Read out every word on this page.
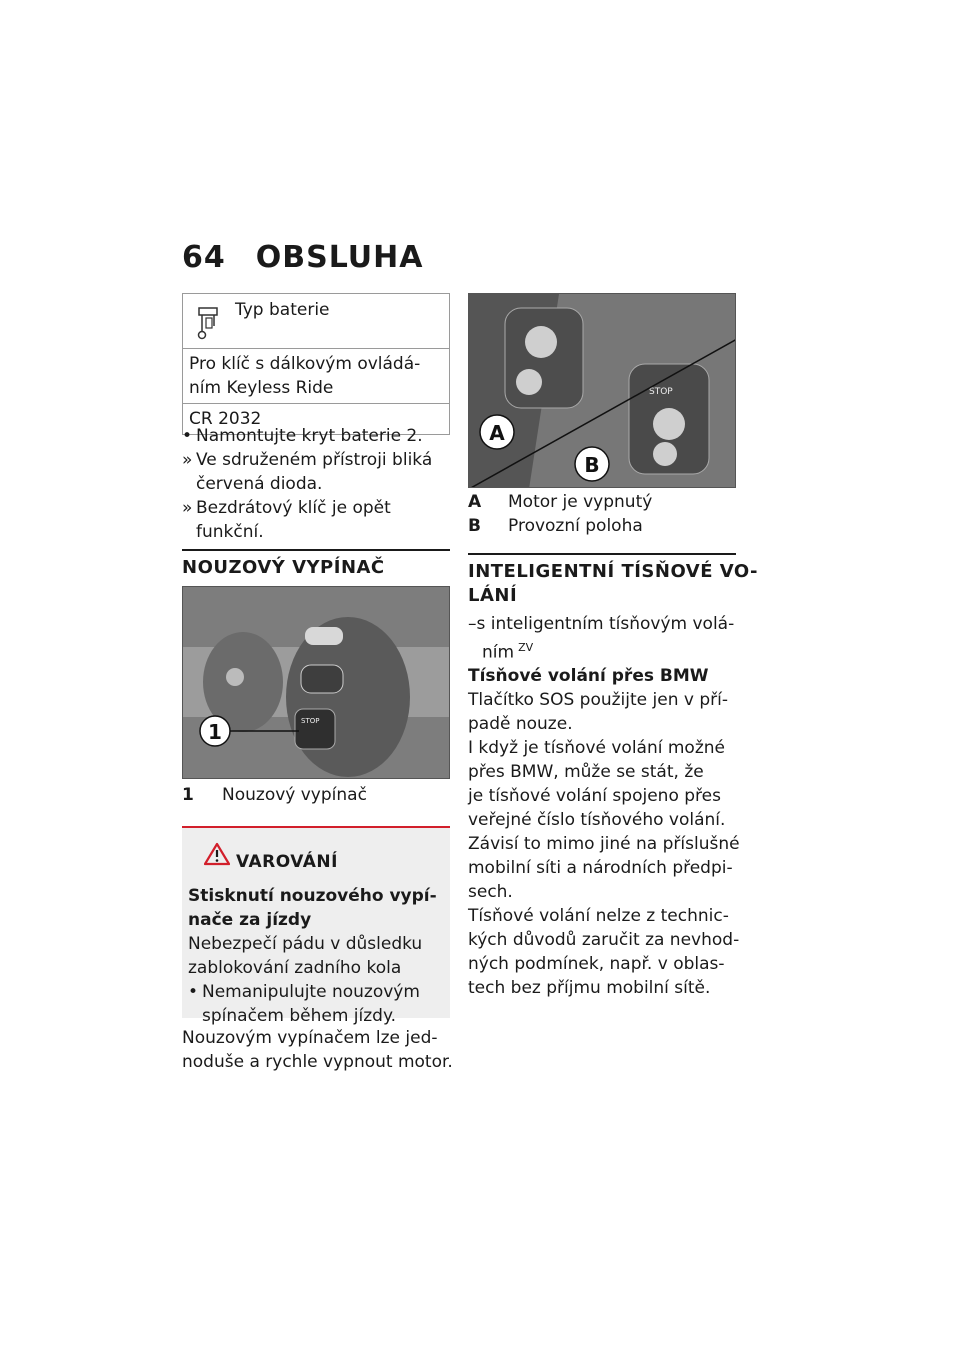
64 OBSLUHA
Typ baterie
Pro klíč s dálkovým ovládá-
ním Keyless Ride
CR 2032
• Namontujte kryt baterie 2.
» Ve sdruženém přístroji bliká
červená dioda.
» Bezdrátový klíč je opět
funkční.
NOUZOVÝ VYPÍNAČ
STOP
1
1 Nouzový vypínač
VAROVÁNÍ
Stisknutí nouzového vypí-
nače za jízdy
Nebezpečí pádu v důsledku
zablokování zadního kola
• Nemanipulujte nouzovým
spínačem během jízdy.
Nouzovým vypínačem lze jed-
noduše a rychle vypnout motor.
STOP
A
B
A Motor je vypnutý
B Provozní poloha
INTELIGENTNÍ TÍSŇOVÉ VO-
LÁNÍ
–s inteligentním tísňovým volá-
ním $^{ZV}$
Tísňové volání přes BMW
Tlačítko SOS použijte jen v pří-
padě nouze.
I když je tísňové volání možné
přes BMW, může se stát, že
je tísňové volání spojeno přes
veřejné číslo tísňového volání.
Závisí to mimo jiné na příslušné
mobilní síti a národních předpi-
sech.
Tísňové volání nelze z technic-
kých důvodů zaručit za nevhod-
ných podmínek, např. v oblas-
tech bez příjmu mobilní sítě.
